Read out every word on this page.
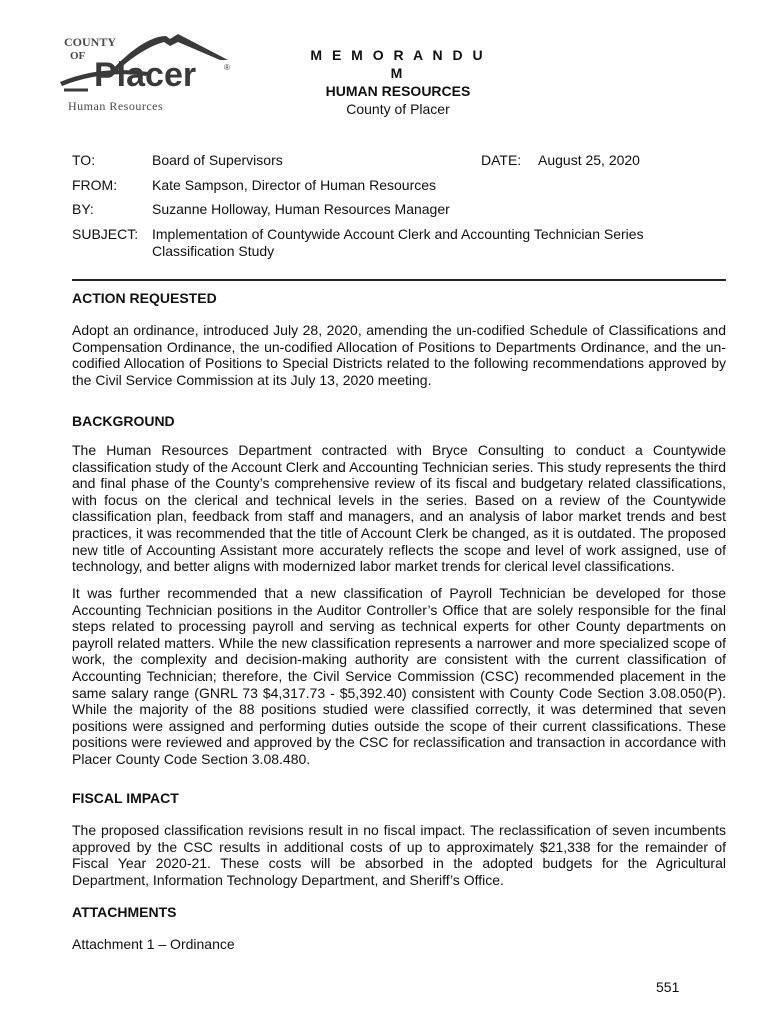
COUNTY
OF Placer	®
Human Resources
M E M O R A N D U M
HUMAN RESOURCES
County of Placer
TO:	Board of Supervisors	DATE: August 25, 2020
FROM: Kate Sampson, Director of Human Resources
BY:	Suzanne Holloway, Human Resources Manager
SUBJECT: Implementation of Countywide Account Clerk and Accounting Technician Series Classification Study
ACTION REQUESTED

Adopt an ordinance, introduced July 28, 2020, amending the un-codified Schedule of Classifications and Compensation Ordinance, the un-codified Allocation of Positions to Departments Ordinance, and the un-codified Allocation of Positions to Special Districts related to the following recommendations approved by the Civil Service Commission at its July 13, 2020 meeting.

BACKGROUND

The Human Resources Department contracted with Bryce Consulting to conduct a Countywide classification study of the Account Clerk and Accounting Technician series. This study represents the third and final phase of the County’s comprehensive review of its fiscal and budgetary related classifications, with focus on the clerical and technical levels in the series. Based on a review of the Countywide classification plan, feedback from staff and managers, and an analysis of labor market trends and best practices, it was recommended that the title of Account Clerk be changed, as it is outdated. The proposed new title of Accounting Assistant more accurately reflects the scope and level of work assigned, use of technology, and better aligns with modernized labor market trends for clerical level classifications.

It was further recommended that a new classification of Payroll Technician be developed for those Accounting Technician positions in the Auditor Controller’s Office that are solely responsible for the final steps related to processing payroll and serving as technical experts for other County departments on payroll related matters. While the new classification represents a narrower and more specialized scope of work, the complexity and decision-making authority are consistent with the current classification of Accounting Technician; therefore, the Civil Service Commission (CSC) recommended placement in the same salary range (GNRL 73 $4,317.73 - $5,392.40) consistent with County Code Section 3.08.050(P). While the majority of the 88 positions studied were classified correctly, it was determined that seven positions were assigned and performing duties outside the scope of their current classifications. These positions were reviewed and approved by the CSC for reclassification and transaction in accordance with Placer County Code Section 3.08.480.

FISCAL IMPACT

The proposed classification revisions result in no fiscal impact. The reclassification of seven incumbents approved by the CSC results in additional costs of up to approximately $21,338 for the remainder of Fiscal Year 2020-21. These costs will be absorbed in the adopted budgets for the Agricultural Department, Information Technology Department, and Sheriff’s Office.

ATTACHMENTS
Attachment 1 – Ordinance
551
